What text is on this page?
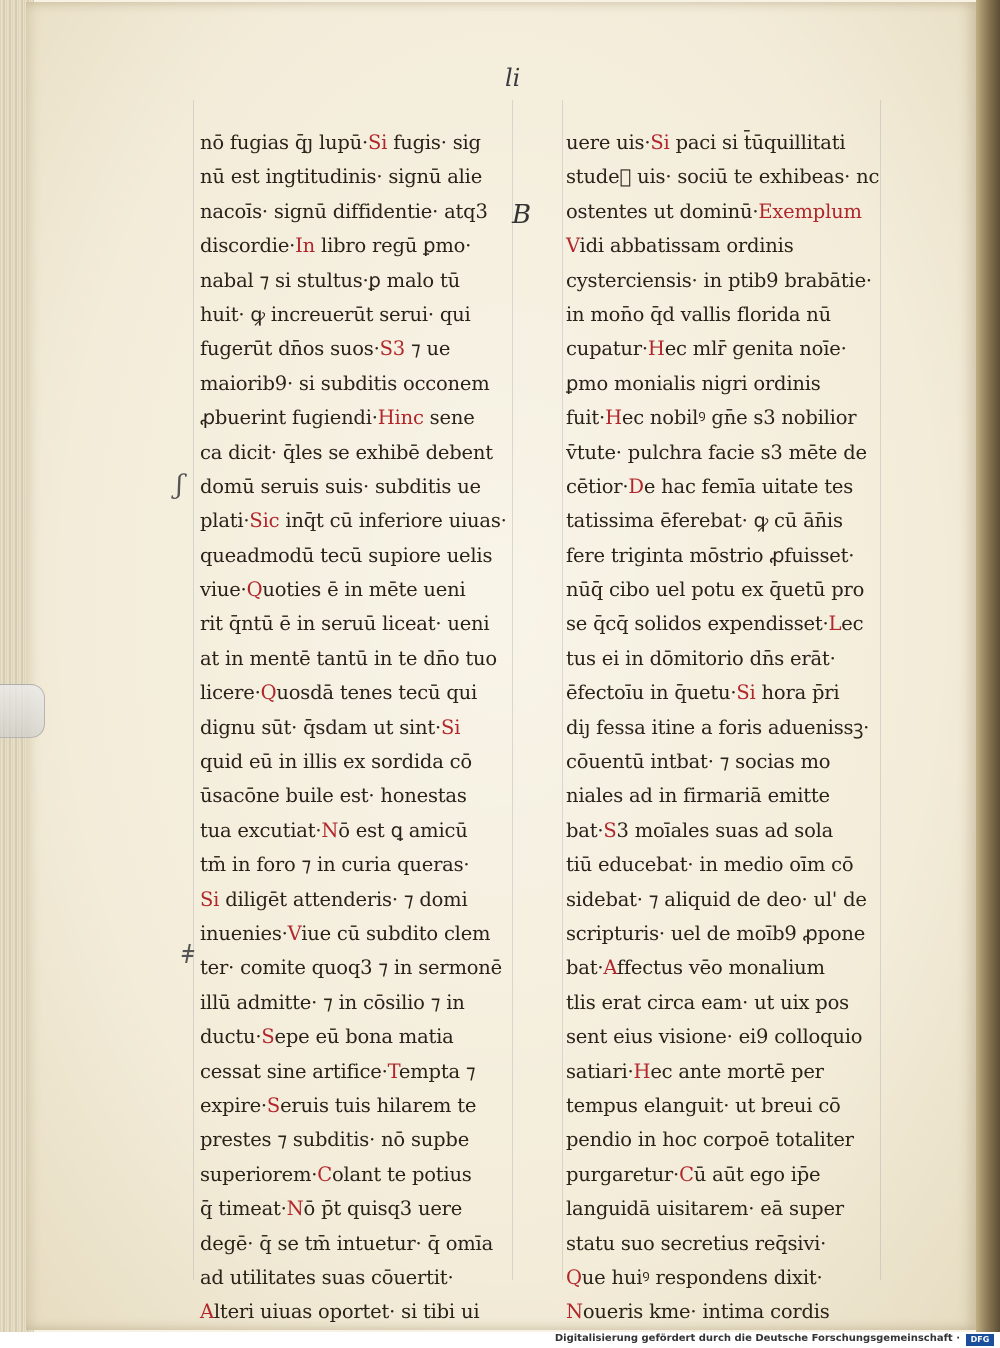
li
B
ʃ
ǂ
nō fugias q̄ȷ lupū·Si fugis· sig
nū est ingtitudinis· signū alie
nacoīs· signū diffidentie· atq3
discordie·In libro regū ꝑmo·
nabal ⁊ si stultus·ꝑ malo tū
huit· ꝙ increuerūt serui· qui
fugerūt dn̄os suos·S3 ⁊ ue
maiorib9· si subditis occonem
ꝓbuerint fugiendi·Hinc sene
ca dicit· q̄les se exhibē debent
domū seruis suis· subditis ue
plati·Sic inq̄t cū inferiore uiuas·
queadmodū tecū supiore uelis
viue·Quoties ē in mēte ueni
rit q̄ntū ē in seruū liceat· ueni
at in mentē tantū in te dn̄o tuo
licere·Quosdā tenes tecū qui
dignu sūt· q̄sdam ut sint·Si
quid eū in illis ex sordida cō
ūsacōne buile est· honestas
tua excutiat·Nō est ꝗ amicū
tm̄ in foro ⁊ in curia queras·
Si diligēt attenderis· ⁊ domi
inuenies·Viue cū subdito clem
ter· comite quoq3 ⁊ in sermonē
illū admitte· ⁊ in cōsilio ⁊ in
ductu·Sepe eū bona matia
cessat sine artifice·Tempta ⁊
expire·Seruis tuis hilarem te
prestes ⁊ subditis· nō supbe
superiorem·Colant te potius
q̄ timeat·Nō p̄t quisq3 uere
degē· q̄ se tm̄ intuetur· q̄ omīa
ad utilitates suas cōuertit·
Alteri uiuas oportet· si tibi ui
uere uis·Si paci si t̄ūquillitati
stude᷑ uis· sociū te exhibeas· nc
ostentes ut dominū·Exemplum
Vidi abbatissam ordinis
cysterciensis· in ptib9 brabātie·
in mon̄o q̄d vallis florida nū
cupatur·Hec mlr̄ genita noīe·
ꝑmo monialis nigri ordinis
fuit·Hec nobilꝰ gn̄e s3 nobilior
v̄tute· pulchra facie s3 mēte de
cētior·De hac femīa uitate tes
tatissima ēferebat· ꝙ cū ān̄is
fere triginta mōstrio ꝓfuisset·
nūq̄ cibo uel potu ex q̄uetū pro
se q̄cq̄ solidos expendisset·Lec
tus ei in dōmitorio dn̄s erāt·
ēfectoīu in q̄uetu·Si hora p̄ri
diȷ fessa itine a foris aduenissꝫ·
cōuentū intbat· ⁊ socias mo
niales ad in firmariā emitte
bat·S3 moīales suas ad sola
tiū educebat· in medio oīm cō
sidebat· ⁊ aliquid de deo· ul' de
scripturis· uel de moīb9 ꝓpone
bat·Affectus vēo monalium
tlis erat circa eam· ut uix pos
sent eius visione· ei9 colloquio
satiari·Hec ante mortē per
tempus elanguit· ut breui cō
pendio in hoc corpoē totaliter
purgaretur·Cū aūt ego ip̄e
languidā uisitarem· eā super
statu suo secretius req̄sivi·
Que huiꝰ respondens dixit·
Noueris kme· intima cordis
Digitalisierung gefördert durch die Deutsche Forschungsgemeinschaft ·	DFG
